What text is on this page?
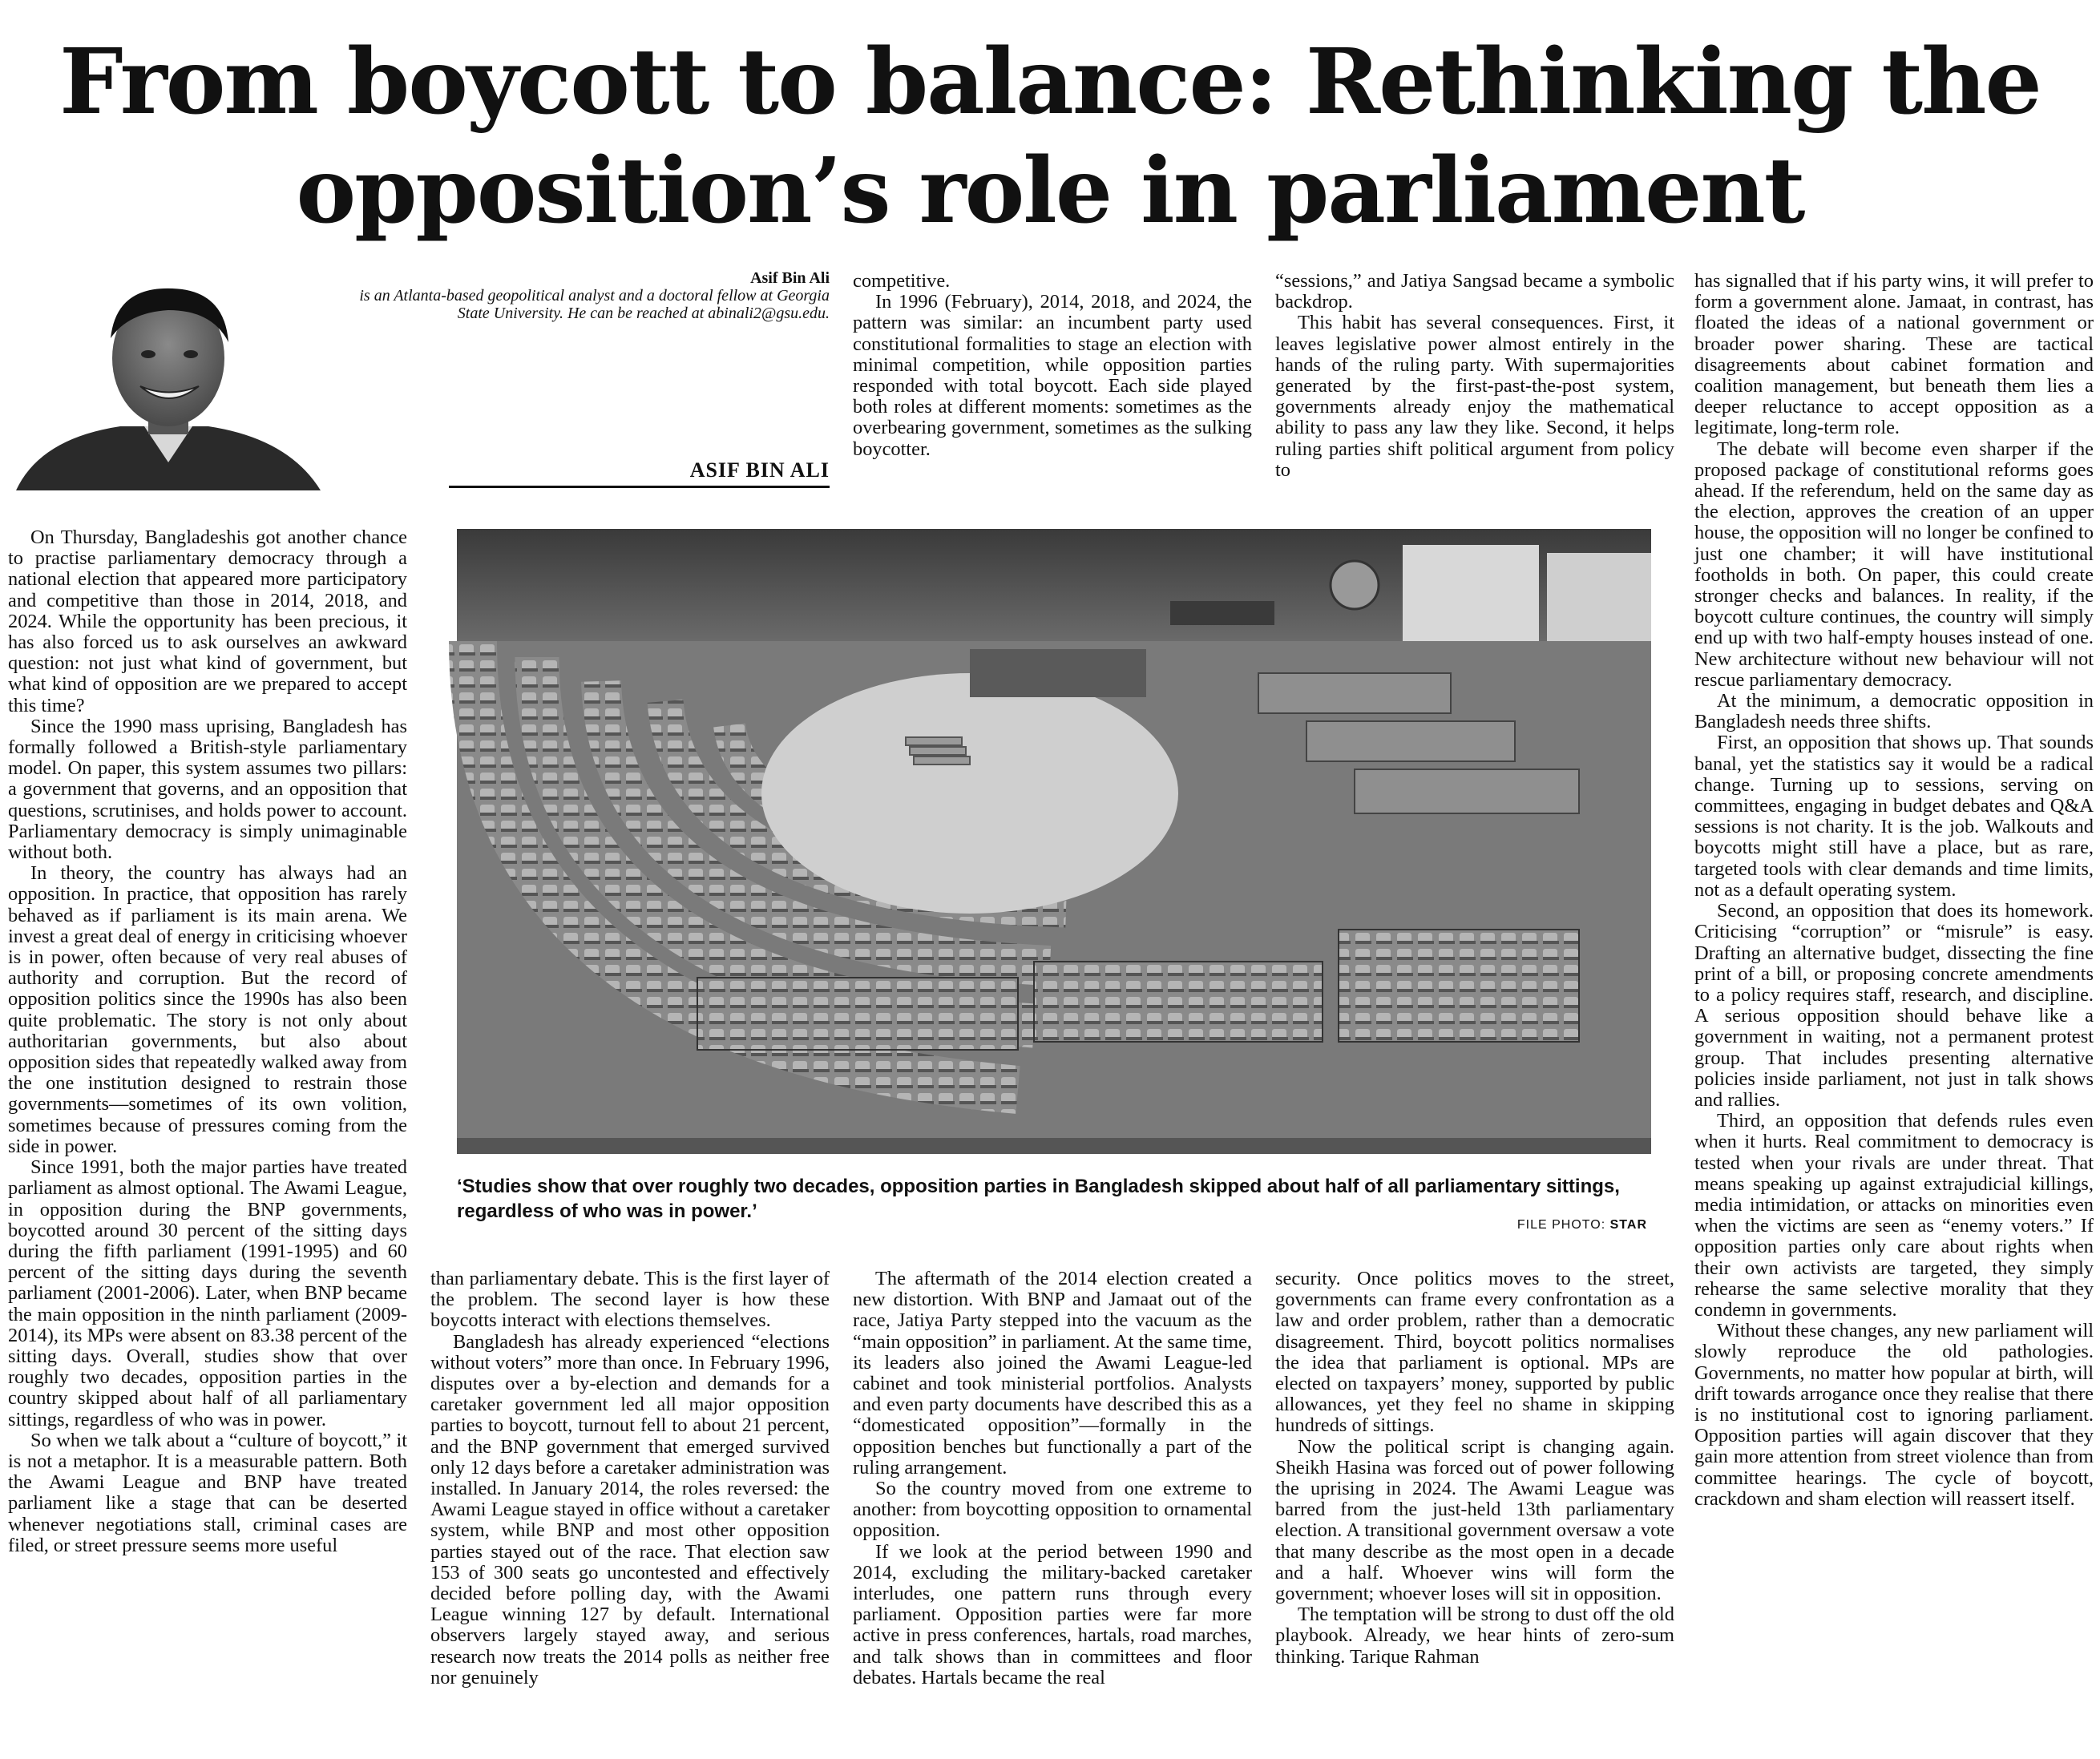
From boycott to balance: Rethinking the opposition’s role in parliament
Asif Bin Ali
is an Atlanta-based geopolitical analyst and a doctoral fellow at Georgia State University. He can be reached at abinali2@gsu.edu.
ASIF BIN ALI

On Thursday, Bangladeshis got another chance to practise parliamentary democracy through a national election that appeared more participatory and competitive than those in 2014, 2018, and 2024. While the opportunity has been precious, it has also forced us to ask ourselves an awkward question: not just what kind of government, but what kind of opposition are we prepared to accept this time?

Since the 1990 mass uprising, Bangladesh has formally followed a British-style parliamentary model. On paper, this system assumes two pillars: a government that governs, and an opposition that questions, scrutinises, and holds power to account. Parliamentary democracy is simply unimaginable without both.

In theory, the country has always had an opposition. In practice, that opposition has rarely behaved as if parliament is its main arena. We invest a great deal of energy in criticising whoever is in power, often because of very real abuses of authority and corruption. But the record of opposition politics since the 1990s has also been quite problematic. The story is not only about authoritarian governments, but also about opposition sides that repeatedly walked away from the one institution designed to restrain those governments—sometimes of its own volition, sometimes because of pressures coming from the side in power.

Since 1991, both the major parties have treated parliament as almost optional. The Awami League, in opposition during the BNP governments, boycotted around 30 percent of the sitting days during the fifth parliament (1991-1995) and 60 percent of the sitting days during the seventh parliament (2001-2006). Later, when BNP became the main opposition in the ninth parliament (2009-2014), its MPs were absent on 83.38 percent of the sitting days. Overall, studies show that over roughly two decades, opposition parties in the country skipped about half of all parliamentary sittings, regardless of who was in power.

So when we talk about a “culture of boycott,” it is not a metaphor. It is a measurable pattern. Both the Awami League and BNP have treated parliament like a stage that can be deserted whenever negotiations stall, criminal cases are filed, or street pressure seems more useful

than parliamentary debate. This is the first layer of the problem. The second layer is how these boycotts interact with elections themselves.

Bangladesh has already experienced “elections without voters” more than once. In February 1996, disputes over a by-election and demands for a caretaker government led all major opposition parties to boycott, turnout fell to about 21 percent, and the BNP government that emerged survived only 12 days before a caretaker administration was installed. In January 2014, the roles reversed: the Awami League stayed in office without a caretaker system, while BNP and most other opposition parties stayed out of the race. That election saw 153 of 300 seats go uncontested and effectively decided before polling day, with the Awami League winning 127 by default. International observers largely stayed away, and serious research now treats the 2014 polls as neither free nor genuinely

competitive.

In 1996 (February), 2014, 2018, and 2024, the pattern was similar: an incumbent party used constitutional formalities to stage an election with minimal competition, while opposition parties responded with total boycott. Each side played both roles at different moments: sometimes as the overbearing government, sometimes as the sulking boycotter.

The aftermath of the 2014 election created a new distortion. With BNP and Jamaat out of the race, Jatiya Party stepped into the vacuum as the “main opposition” in parliament. At the same time, its leaders also joined the Awami League-led cabinet and took ministerial portfolios. Analysts and even party documents have described this as a “domesticated opposition”—formally in the opposition benches but functionally a part of the ruling arrangement.

So the country moved from one extreme to another: from boycotting opposition to ornamental opposition.

If we look at the period between 1990 and 2014, excluding the military-backed caretaker interludes, one pattern runs through every parliament. Opposition parties were far more active in press conferences, hartals, road marches, and talk shows than in committees and floor debates. Hartals became the real

“sessions,” and Jatiya Sangsad became a symbolic backdrop.

This habit has several consequences. First, it leaves legislative power almost entirely in the hands of the ruling party. With supermajorities generated by the first-past-the-post system, governments already enjoy the mathematical ability to pass any law they like. Second, it helps ruling parties shift political argument from policy to

security. Once politics moves to the street, governments can frame every confrontation as a law and order problem, rather than a democratic disagreement. Third, boycott politics normalises the idea that parliament is optional. MPs are elected on taxpayers’ money, supported by public allowances, yet they feel no shame in skipping hundreds of sittings.

Now the political script is changing again. Sheikh Hasina was forced out of power following the uprising in 2024. The Awami League was barred from the just-held 13th parliamentary election. A transitional government oversaw a vote that many describe as the most open in a decade and a half. Whoever wins will form the government; whoever loses will sit in opposition.

The temptation will be strong to dust off the old playbook. Already, we hear hints of zero-sum thinking. Tarique Rahman

has signalled that if his party wins, it will prefer to form a government alone. Jamaat, in contrast, has floated the ideas of a national government or broader power sharing. These are tactical disagreements about cabinet formation and coalition management, but beneath them lies a deeper reluctance to accept opposition as a legitimate, long-term role.

The debate will become even sharper if the proposed package of constitutional reforms goes ahead. If the referendum, held on the same day as the election, approves the creation of an upper house, the opposition will no longer be confined to just one chamber; it will have institutional footholds in both. On paper, this could create stronger checks and balances. In reality, if the boycott culture continues, the country will simply end up with two half-empty houses instead of one. New architecture without new behaviour will not rescue parliamentary democracy.

At the minimum, a democratic opposition in Bangladesh needs three shifts.

First, an opposition that shows up. That sounds banal, yet the statistics say it would be a radical change. Turning up to sessions, serving on committees, engaging in budget debates and Q&A sessions is not charity. It is the job. Walkouts and boycotts might still have a place, but as rare, targeted tools with clear demands and time limits, not as a default operating system.

Second, an opposition that does its homework. Criticising “corruption” or “misrule” is easy. Drafting an alternative budget, dissecting the fine print of a bill, or proposing concrete amendments to a policy requires staff, research, and discipline. A serious opposition should behave like a government in waiting, not a permanent protest group. That includes presenting alternative policies inside parliament, not just in talk shows and rallies.

Third, an opposition that defends rules even when it hurts. Real commitment to democracy is tested when your rivals are under threat. That means speaking up against extrajudicial killings, media intimidation, or attacks on minorities even when the victims are seen as “enemy voters.” If opposition parties only care about rights when their own activists are targeted, they simply rehearse the same selective morality that they condemn in governments.

Without these changes, any new parliament will slowly reproduce the old pathologies. Governments, no matter how popular at birth, will drift towards arrogance once they realise that there is no institutional cost to ignoring parliament. Opposition parties will again discover that they gain more attention from street violence than from committee hearings. The cycle of boycott, crackdown and sham election will reassert itself.

‘Studies show that over roughly two decades, opposition parties in Bangladesh skipped about half of all parliamentary sittings, regardless of who was in power.’
FILE PHOTO: STAR
